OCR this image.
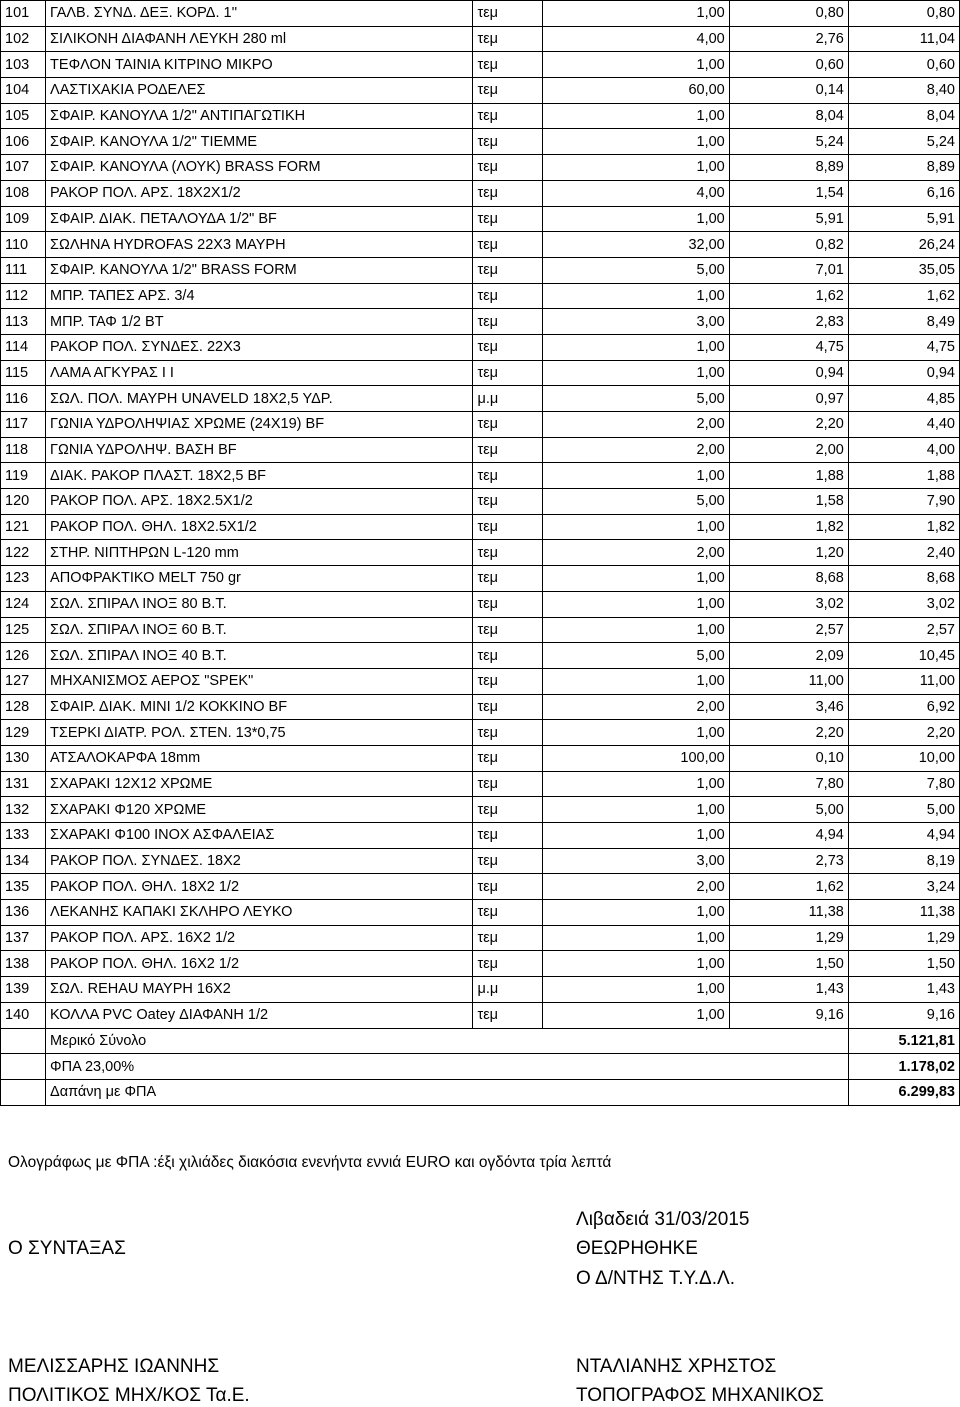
101	ΓΑΛΒ. ΣΥΝΔ. ΔΕΞ. ΚΟΡΔ. 1''	τεμ	1,00	0,80	0,80
102	ΣΙΛΙΚΟΝΗ ΔΙΑΦΑΝΗ ΛΕΥΚΗ 280 ml	τεμ	4,00	2,76	11,04
103	ΤΕΦΛΟΝ ΤΑΙΝΙΑ ΚΙΤΡΙΝΟ ΜΙΚΡΟ	τεμ	1,00	0,60	0,60
104	ΛΑΣΤΙΧΑΚΙΑ ΡΟΔΕΛΕΣ	τεμ	60,00	0,14	8,40
105	ΣΦΑΙΡ. ΚΑΝΟΥΛΑ 1/2" ΑΝΤΙΠΑΓΩΤΙΚΗ	τεμ	1,00	8,04	8,04
106	ΣΦΑΙΡ. ΚΑΝΟΥΛΑ 1/2" ΤΙΕΜΜΕ	τεμ	1,00	5,24	5,24
107	ΣΦΑΙΡ. ΚΑΝΟΥΛΑ (ΛΟΥΚ) BRASS FORM	τεμ	1,00	8,89	8,89
108	ΡΑΚΟΡ ΠΟΛ. ΑΡΣ. 18Χ2Χ1/2	τεμ	4,00	1,54	6,16
109	ΣΦΑΙΡ. ΔΙΑΚ. ΠΕΤΑΛΟΥΔΑ 1/2" BF	τεμ	1,00	5,91	5,91
110	ΣΩΛΗΝΑ HYDROFAS 22Χ3 ΜΑΥΡΗ	τεμ	32,00	0,82	26,24
111	ΣΦΑΙΡ. ΚΑΝΟΥΛΑ 1/2" BRASS FORM	τεμ	5,00	7,01	35,05
112	ΜΠΡ. ΤΑΠΕΣ ΑΡΣ. 3/4	τεμ	1,00	1,62	1,62
113	ΜΠΡ. ΤΑΦ 1/2 ΒΤ	τεμ	3,00	2,83	8,49
114	ΡΑΚΟΡ ΠΟΛ. ΣΥΝΔΕΣ. 22Χ3	τεμ	1,00	4,75	4,75
115	ΛΑΜΑ ΑΓΚΥΡΑΣ Ι Ι	τεμ	1,00	0,94	0,94
116	ΣΩΛ. ΠΟΛ. ΜΑΥΡΗ UNAVELD 18Χ2,5 ΥΔΡ.	μ.μ	5,00	0,97	4,85
117	ΓΩΝΙΑ ΥΔΡΟΛΗΨΙΑΣ ΧΡΩΜΕ (24Χ19) BF	τεμ	2,00	2,20	4,40
118	ΓΩΝΙΑ ΥΔΡΟΛΗΨ. ΒΑΣΗ BF	τεμ	2,00	2,00	4,00
119	ΔΙΑΚ. ΡΑΚΟΡ ΠΛΑΣΤ. 18Χ2,5 BF	τεμ	1,00	1,88	1,88
120	ΡΑΚΟΡ ΠΟΛ. ΑΡΣ. 18Χ2.5Χ1/2	τεμ	5,00	1,58	7,90
121	ΡΑΚΟΡ ΠΟΛ. ΘΗΛ. 18Χ2.5Χ1/2	τεμ	1,00	1,82	1,82
122	ΣΤΗΡ. ΝΙΠΤΗΡΩΝ L-120 mm	τεμ	2,00	1,20	2,40
123	ΑΠΟΦΡΑΚΤΙΚΟ MELT 750 gr	τεμ	1,00	8,68	8,68
124	ΣΩΛ. ΣΠΙΡΑΛ ΙΝΟΞ 80 Β.Τ.	τεμ	1,00	3,02	3,02
125	ΣΩΛ. ΣΠΙΡΑΛ ΙΝΟΞ 60 Β.Τ.	τεμ	1,00	2,57	2,57
126	ΣΩΛ. ΣΠΙΡΑΛ ΙΝΟΞ 40 Β.Τ.	τεμ	5,00	2,09	10,45
127	ΜΗΧΑΝΙΣΜΟΣ ΑΕΡΟΣ "SPEK"	τεμ	1,00	11,00	11,00
128	ΣΦΑΙΡ. ΔΙΑΚ. ΜΙΝΙ 1/2 ΚΟΚΚΙΝΟ BF	τεμ	2,00	3,46	6,92
129	ΤΣΕΡΚΙ ΔΙΑΤΡ. ΡΟΛ. ΣΤΕΝ. 13*0,75	τεμ	1,00	2,20	2,20
130	ΑΤΣΑΛΟΚΑΡΦΑ 18mm	τεμ	100,00	0,10	10,00
131	ΣΧΑΡΑΚΙ 12Χ12 ΧΡΩΜΕ	τεμ	1,00	7,80	7,80
132	ΣΧΑΡΑΚΙ Φ120 ΧΡΩΜΕ	τεμ	1,00	5,00	5,00
133	ΣΧΑΡΑΚΙ Φ100 ΙΝΟΧ ΑΣΦΑΛΕΙΑΣ	τεμ	1,00	4,94	4,94
134	ΡΑΚΟΡ ΠΟΛ. ΣΥΝΔΕΣ. 18Χ2	τεμ	3,00	2,73	8,19
135	ΡΑΚΟΡ ΠΟΛ. ΘΗΛ. 18Χ2 1/2	τεμ	2,00	1,62	3,24
136	ΛΕΚΑΝΗΣ ΚΑΠΑΚΙ ΣΚΛΗΡΟ ΛΕΥΚΟ	τεμ	1,00	11,38	11,38
137	ΡΑΚΟΡ ΠΟΛ. ΑΡΣ. 16Χ2 1/2	τεμ	1,00	1,29	1,29
138	ΡΑΚΟΡ ΠΟΛ. ΘΗΛ. 16Χ2 1/2	τεμ	1,00	1,50	1,50
139	ΣΩΛ. REHAU ΜΑΥΡΗ 16Χ2	μ.μ	1,00	1,43	1,43
140	ΚΟΛΛΑ PVC Oatey ΔΙΑΦΑΝΗ 1/2	τεμ	1,00	9,16	9,16
	Μερικό Σύνολο				5.121,81
	ΦΠΑ 23,00%				1.178,02
	Δαπάνη με ΦΠΑ				6.299,83
Ολογράφως με ΦΠΑ :έξι χιλιάδες διακόσια ενενήντα εννιά EURO και ογδόντα τρία λεπτά
Λιβαδειά 31/03/2015
Ο ΣΥΝΤΑΞΑΣ	ΘΕΩΡΗΘΗΚΕ
Ο Δ/ΝΤΗΣ Τ.Υ.Δ.Λ.
ΜΕΛΙΣΣΑΡΗΣ ΙΩΑΝΝΗΣ	ΝΤΑΛΙΑΝΗΣ ΧΡΗΣΤΟΣ
ΠΟΛΙΤΙΚΟΣ ΜΗΧ/ΚΟΣ Τα.Ε.	ΤΟΠΟΓΡΑΦΟΣ ΜΗΧΑΝΙΚΟΣ
